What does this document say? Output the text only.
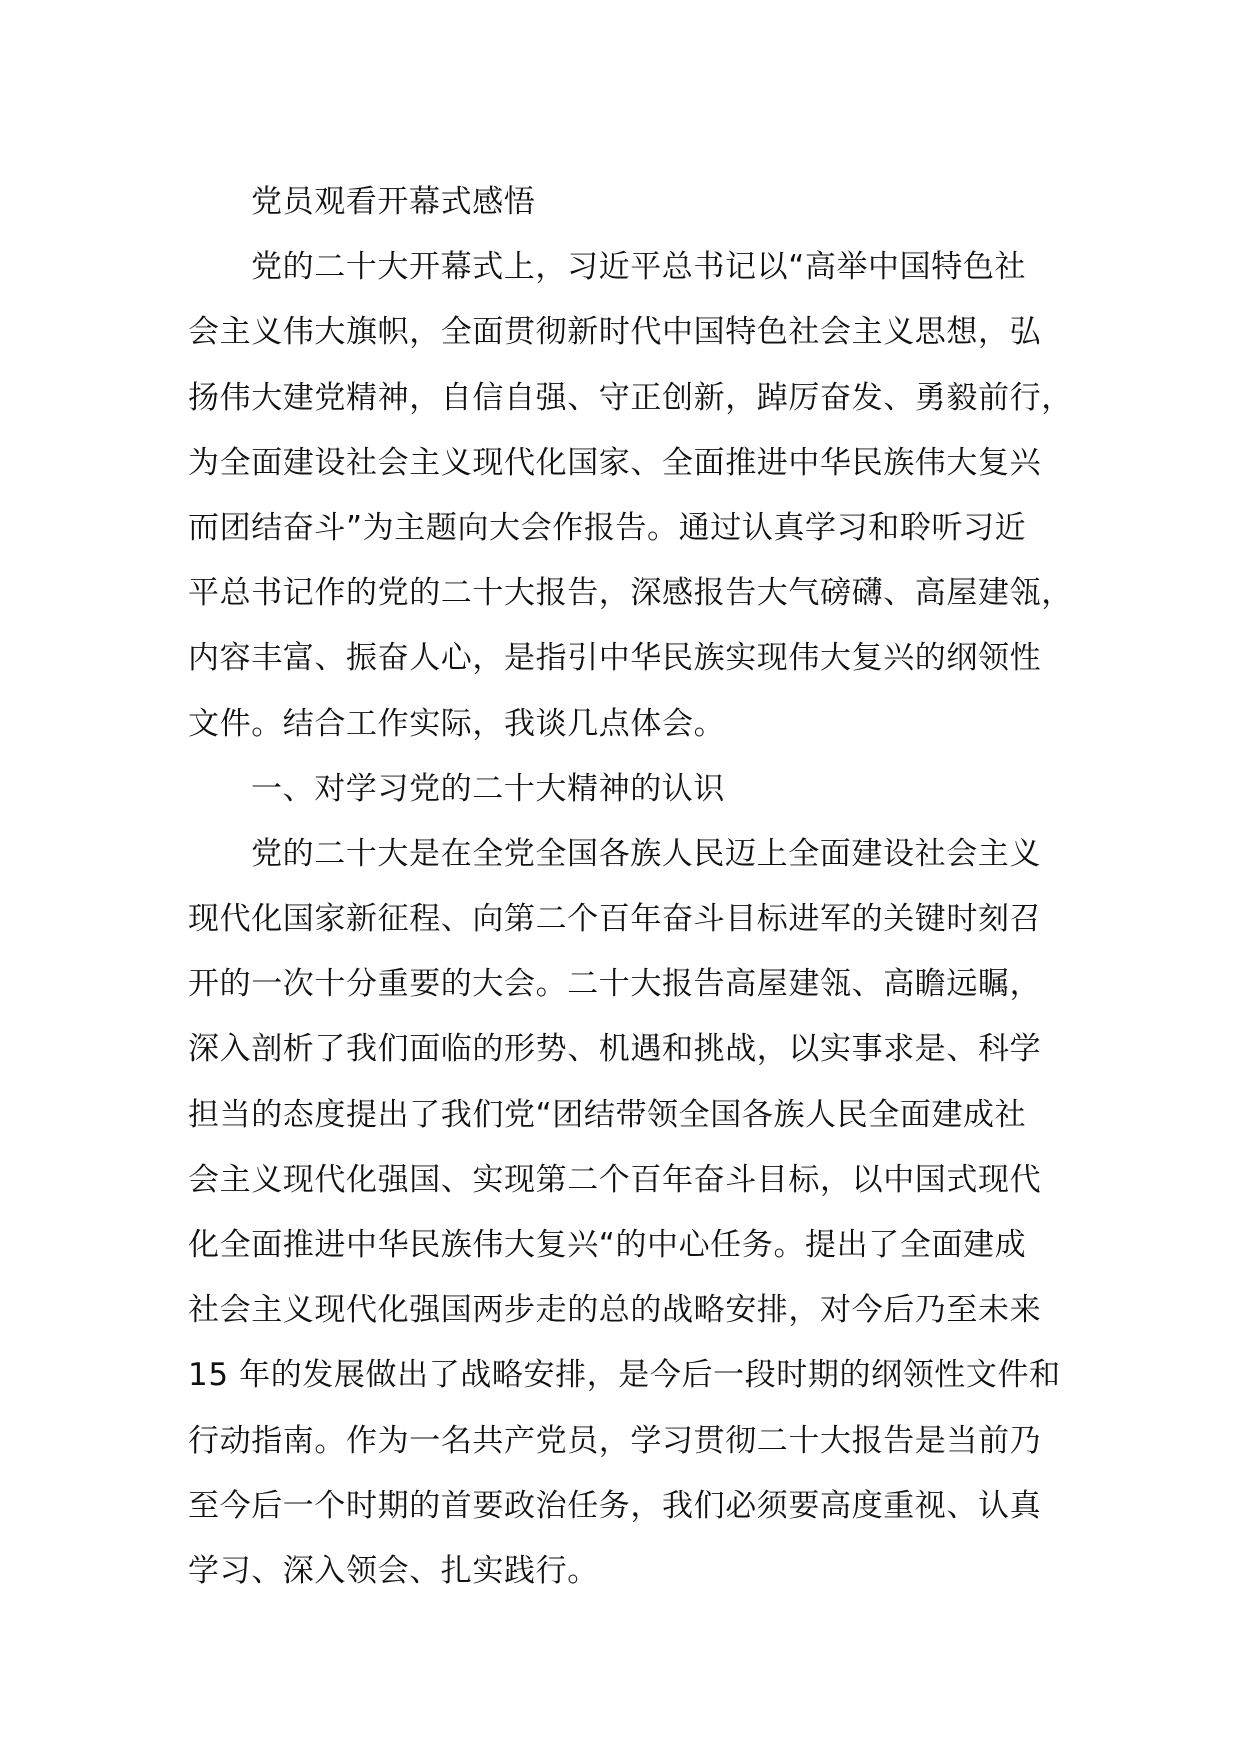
党员观看开幕式感悟
党的二十大开幕式上，习近平总书记以“高举中国特色社
会主义伟大旗帜，全面贯彻新时代中国特色社会主义思想，弘
扬伟大建党精神，自信自强、守正创新，踔厉奋发、勇毅前行，
为全面建设社会主义现代化国家、全面推进中华民族伟大复兴
而团结奋斗”为主题向大会作报告。通过认真学习和聆听习近
平总书记作的党的二十大报告，深感报告大气磅礴、高屋建瓴，
内容丰富、振奋人心，是指引中华民族实现伟大复兴的纲领性
文件。结合工作实际，我谈几点体会。
一、对学习党的二十大精神的认识
党的二十大是在全党全国各族人民迈上全面建设社会主义
现代化国家新征程、向第二个百年奋斗目标进军的关键时刻召
开的一次十分重要的大会。二十大报告高屋建瓴、高瞻远瞩，
深入剖析了我们面临的形势、机遇和挑战，以实事求是、科学
担当的态度提出了我们党“团结带领全国各族人民全面建成社
会主义现代化强国、实现第二个百年奋斗目标，以中国式现代
化全面推进中华民族伟大复兴“的中心任务。提出了全面建成
社会主义现代化强国两步走的总的战略安排，对今后乃至未来
15 年的发展做出了战略安排，是今后一段时期的纲领性文件和
行动指南。作为一名共产党员，学习贯彻二十大报告是当前乃
至今后一个时期的首要政治任务，我们必须要高度重视、认真
学习、深入领会、扎实践行。
